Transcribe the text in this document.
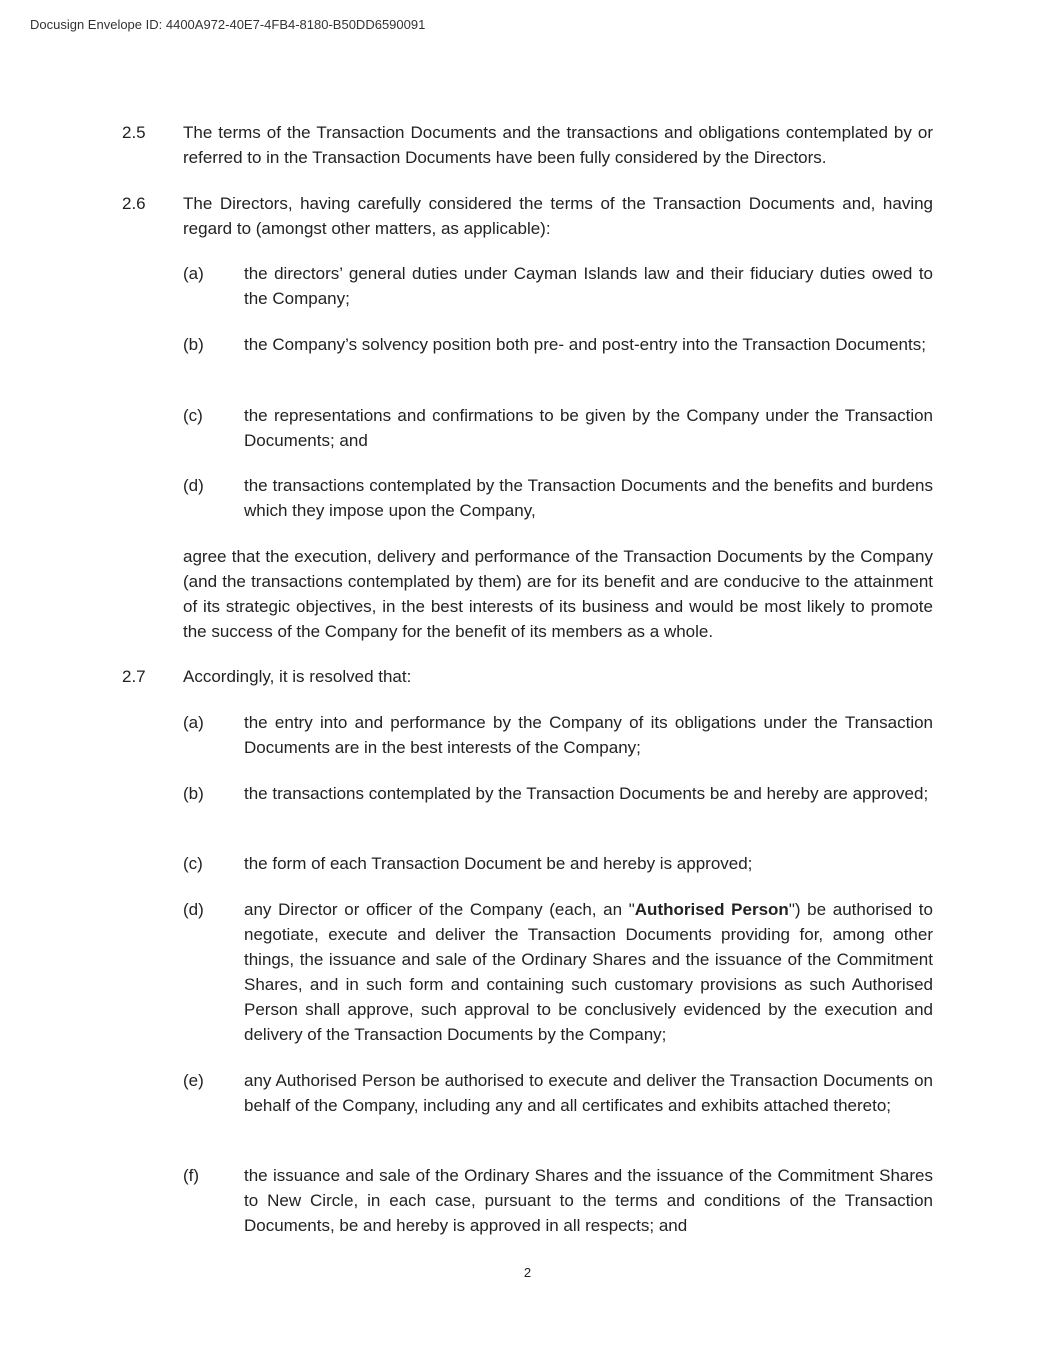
Docusign Envelope ID: 4400A972-40E7-4FB4-8180-B50DD6590091
2.5 The terms of the Transaction Documents and the transactions and obligations contemplated by or referred to in the Transaction Documents have been fully considered by the Directors.
2.6 The Directors, having carefully considered the terms of the Transaction Documents and, having regard to (amongst other matters, as applicable):
(a) the directors’ general duties under Cayman Islands law and their fiduciary duties owed to the Company;
(b) the Company’s solvency position both pre- and post-entry into the Transaction Documents;
(c) the representations and confirmations to be given by the Company under the Transaction Documents; and
(d) the transactions contemplated by the Transaction Documents and the benefits and burdens which they impose upon the Company,
agree that the execution, delivery and performance of the Transaction Documents by the Company (and the transactions contemplated by them) are for its benefit and are conducive to the attainment of its strategic objectives, in the best interests of its business and would be most likely to promote the success of the Company for the benefit of its members as a whole.
2.7 Accordingly, it is resolved that:
(a) the entry into and performance by the Company of its obligations under the Transaction Documents are in the best interests of the Company;
(b) the transactions contemplated by the Transaction Documents be and hereby are approved;
(c) the form of each Transaction Document be and hereby is approved;
(d) any Director or officer of the Company (each, an "Authorised Person") be authorised to negotiate, execute and deliver the Transaction Documents providing for, among other things, the issuance and sale of the Ordinary Shares and the issuance of the Commitment Shares, and in such form and containing such customary provisions as such Authorised Person shall approve, such approval to be conclusively evidenced by the execution and delivery of the Transaction Documents by the Company;
(e) any Authorised Person be authorised to execute and deliver the Transaction Documents on behalf of the Company, including any and all certificates and exhibits attached thereto;
(f)	the issuance and sale of the Ordinary Shares and the issuance of the Commitment Shares to New Circle, in each case, pursuant to the terms and conditions of the Transaction Documents, be and hereby is approved in all respects; and
2
